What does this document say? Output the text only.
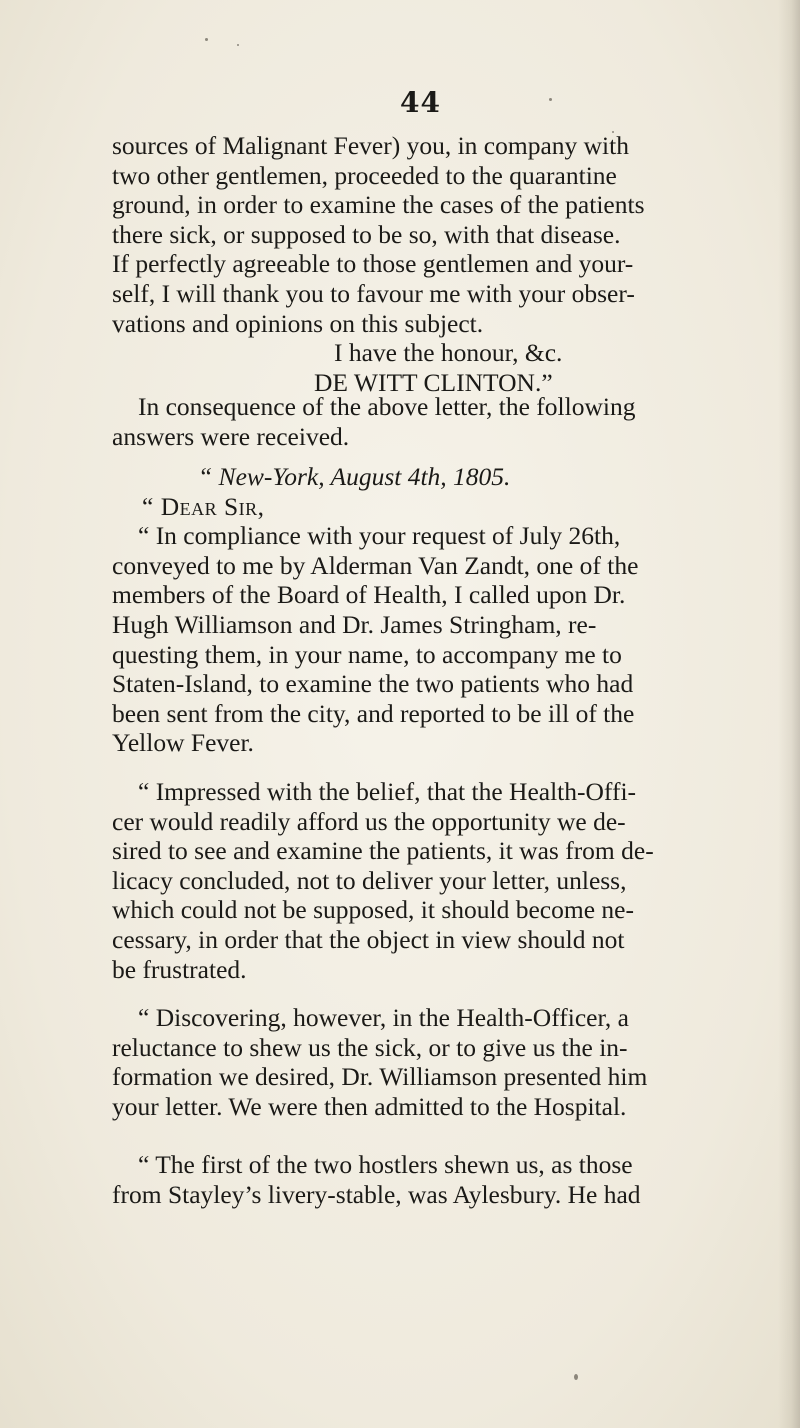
44
sources of Malignant Fever) you, in company with
two other gentlemen, proceeded to the quarantine
ground, in order to examine the cases of the patients
there sick, or supposed to be so, with that disease.
If perfectly agreeable to those gentlemen and your-
self, I will thank you to favour me with your obser-
vations and opinions on this subject.
I have the honour, &c.
DE WITT CLINTON.”
In consequence of the above letter, the following
answers were received.
“ New-York, August 4th, 1805.
“ Dear Sir,
“ In compliance with your request of July 26th,
conveyed to me by Alderman Van Zandt, one of the
members of the Board of Health, I called upon Dr.
Hugh Williamson and Dr. James Stringham, re-
questing them, in your name, to accompany me to
Staten-Island, to examine the two patients who had
been sent from the city, and reported to be ill of the
Yellow Fever.
“ Impressed with the belief, that the Health-Offi-
cer would readily afford us the opportunity we de-
sired to see and examine the patients, it was from de-
licacy concluded, not to deliver your letter, unless,
which could not be supposed, it should become ne-
cessary, in order that the object in view should not
be frustrated.
“ Discovering, however, in the Health-Officer, a
reluctance to shew us the sick, or to give us the in-
formation we desired, Dr. Williamson presented him
your letter. We were then admitted to the Hospital.
“ The first of the two hostlers shewn us, as those
from Stayley’s livery-stable, was Aylesbury. He had
